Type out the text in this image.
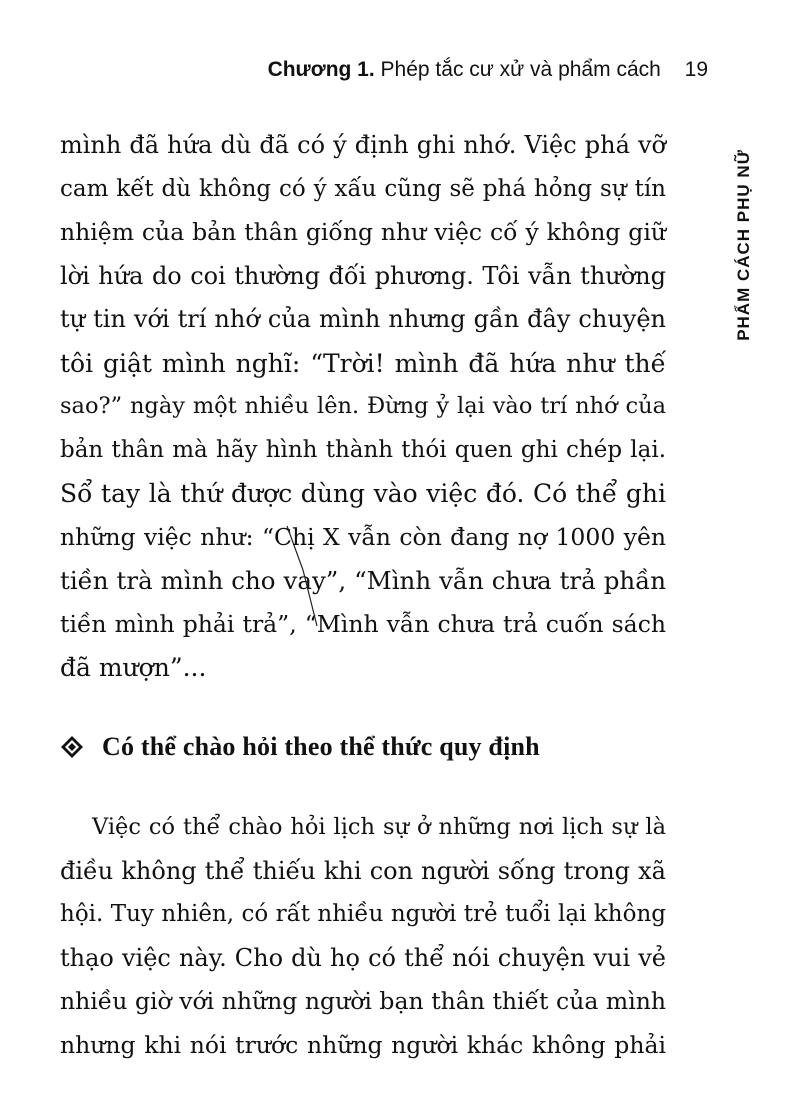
Chương 1. Phép tắc cư xử và phẩm cách 19
PHẨM CÁCH PHỤ NỮ
mình đã hứa dù đã có ý định ghi nhớ. Việc phá vỡ
cam kết dù không có ý xấu cũng sẽ phá hỏng sự tín
nhiệm của bản thân giống như việc cố ý không giữ
lời hứa do coi thường đối phương. Tôi vẫn thường
tự tin với trí nhớ của mình nhưng gần đây chuyện
tôi giật mình nghĩ: “Trời! mình đã hứa như thế
sao?” ngày một nhiều lên. Đừng ỷ lại vào trí nhớ của
bản thân mà hãy hình thành thói quen ghi chép lại.
Sổ tay là thứ được dùng vào việc đó. Có thể ghi
những việc như: “Chị X vẫn còn đang nợ 1000 yên
tiền trà mình cho vay”, “Mình vẫn chưa trả phần
tiền mình phải trả”, “Mình vẫn chưa trả cuốn sách
đã mượn”...
Có thể chào hỏi theo thể thức quy định
Việc có thể chào hỏi lịch sự ở những nơi lịch sự là
điều không thể thiếu khi con người sống trong xã
hội. Tuy nhiên, có rất nhiều người trẻ tuổi lại không
thạo việc này. Cho dù họ có thể nói chuyện vui vẻ
nhiều giờ với những người bạn thân thiết của mình
nhưng khi nói trước những người khác không phải
